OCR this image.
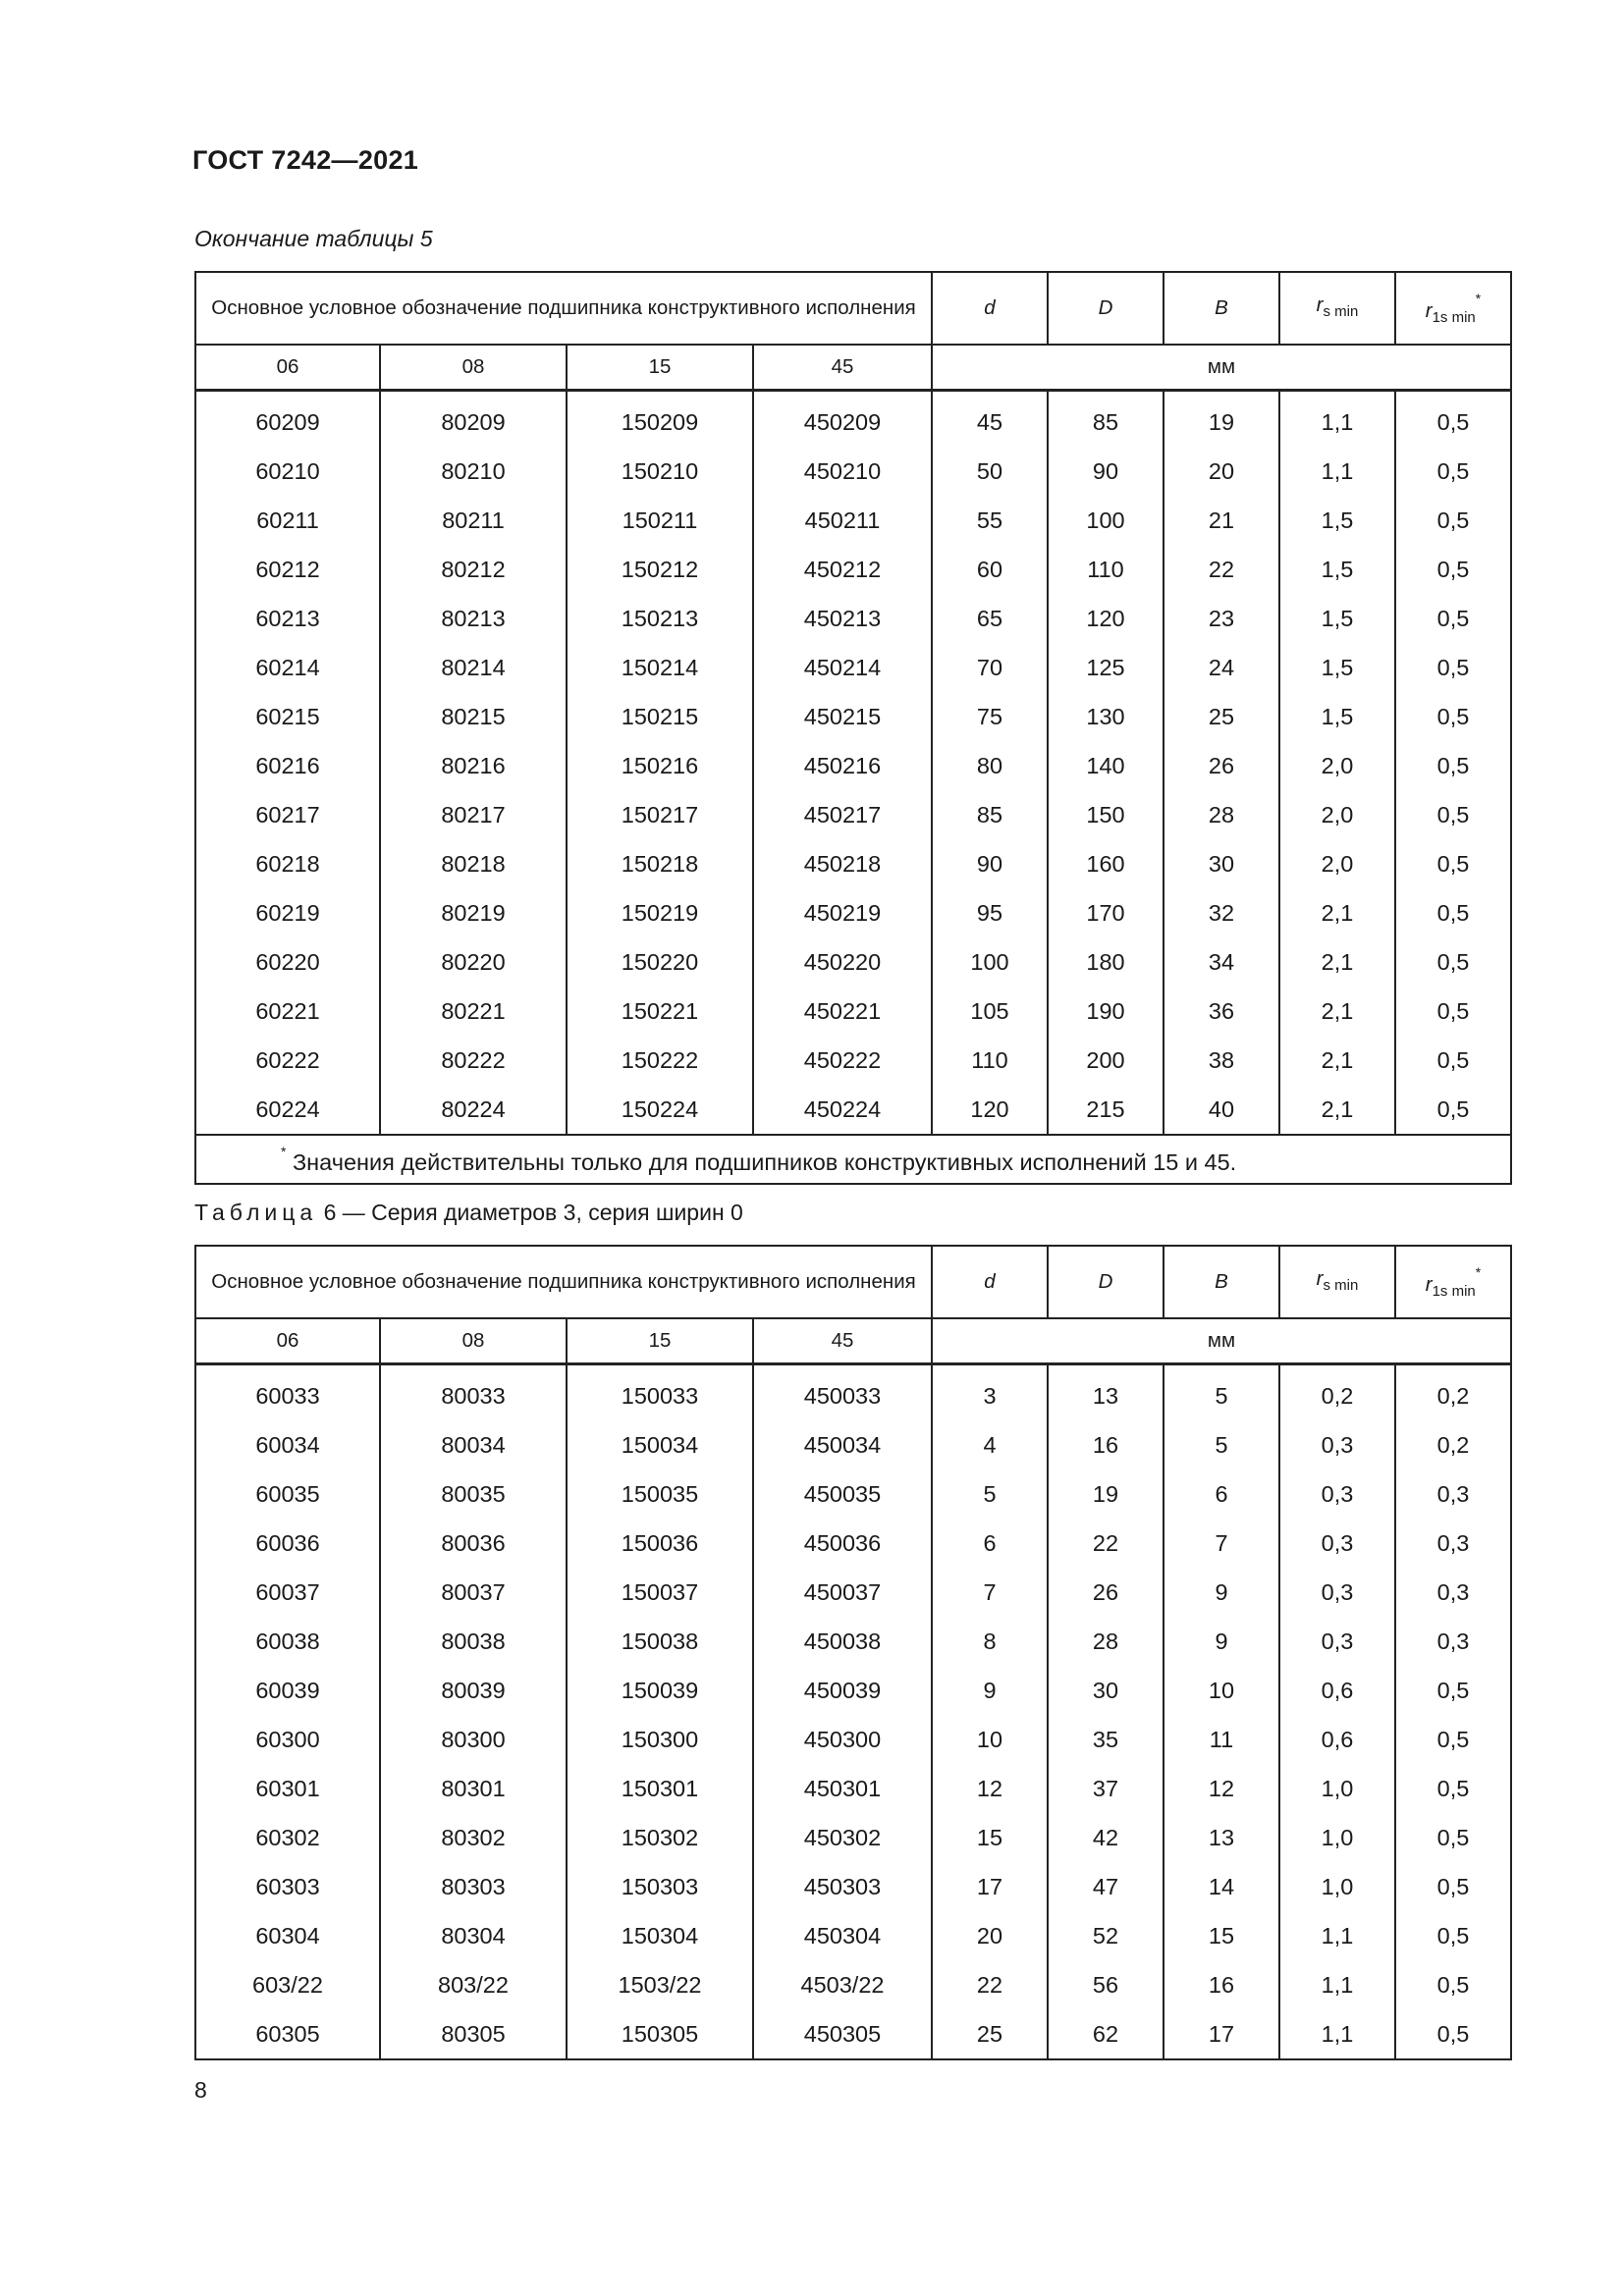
ГОСТ 7242—2021
Окончание таблицы 5
Основное условное обозначение подшипника конструктивного исполнения				d	D	B	$r_{s min}$	$r_{1s min}^*$
06	08	15	45	мм				
60209	80209	150209	450209	45	85	19	1,1	0,5
60210	80210	150210	450210	50	90	20	1,1	0,5
60211	80211	150211	450211	55	100	21	1,5	0,5
60212	80212	150212	450212	60	110	22	1,5	0,5
60213	80213	150213	450213	65	120	23	1,5	0,5
60214	80214	150214	450214	70	125	24	1,5	0,5
60215	80215	150215	450215	75	130	25	1,5	0,5
60216	80216	150216	450216	80	140	26	2,0	0,5
60217	80217	150217	450217	85	150	28	2,0	0,5
60218	80218	150218	450218	90	160	30	2,0	0,5
60219	80219	150219	450219	95	170	32	2,1	0,5
60220	80220	150220	450220	100	180	34	2,1	0,5
60221	80221	150221	450221	105	190	36	2,1	0,5
60222	80222	150222	450222	110	200	38	2,1	0,5
60224	80224	150224	450224	120	215	40	2,1	0,5
* Значения действительны только для подшипников конструктивных исполнений 15 и 45.								
Таблица 6 — Серия диаметров 3, серия ширин 0
Основное условное обозначение подшипника конструктивного исполнения				d	D	B	$r_{s min}$	$r_{1s min}^*$
06	08	15	45	мм				
60033	80033	150033	450033	3	13	5	0,2	0,2
60034	80034	150034	450034	4	16	5	0,3	0,2
60035	80035	150035	450035	5	19	6	0,3	0,3
60036	80036	150036	450036	6	22	7	0,3	0,3
60037	80037	150037	450037	7	26	9	0,3	0,3
60038	80038	150038	450038	8	28	9	0,3	0,3
60039	80039	150039	450039	9	30	10	0,6	0,5
60300	80300	150300	450300	10	35	11	0,6	0,5
60301	80301	150301	450301	12	37	12	1,0	0,5
60302	80302	150302	450302	15	42	13	1,0	0,5
60303	80303	150303	450303	17	47	14	1,0	0,5
60304	80304	150304	450304	20	52	15	1,1	0,5
603/22	803/22	1503/22	4503/22	22	56	16	1,1	0,5
60305	80305	150305	450305	25	62	17	1,1	0,5
8
